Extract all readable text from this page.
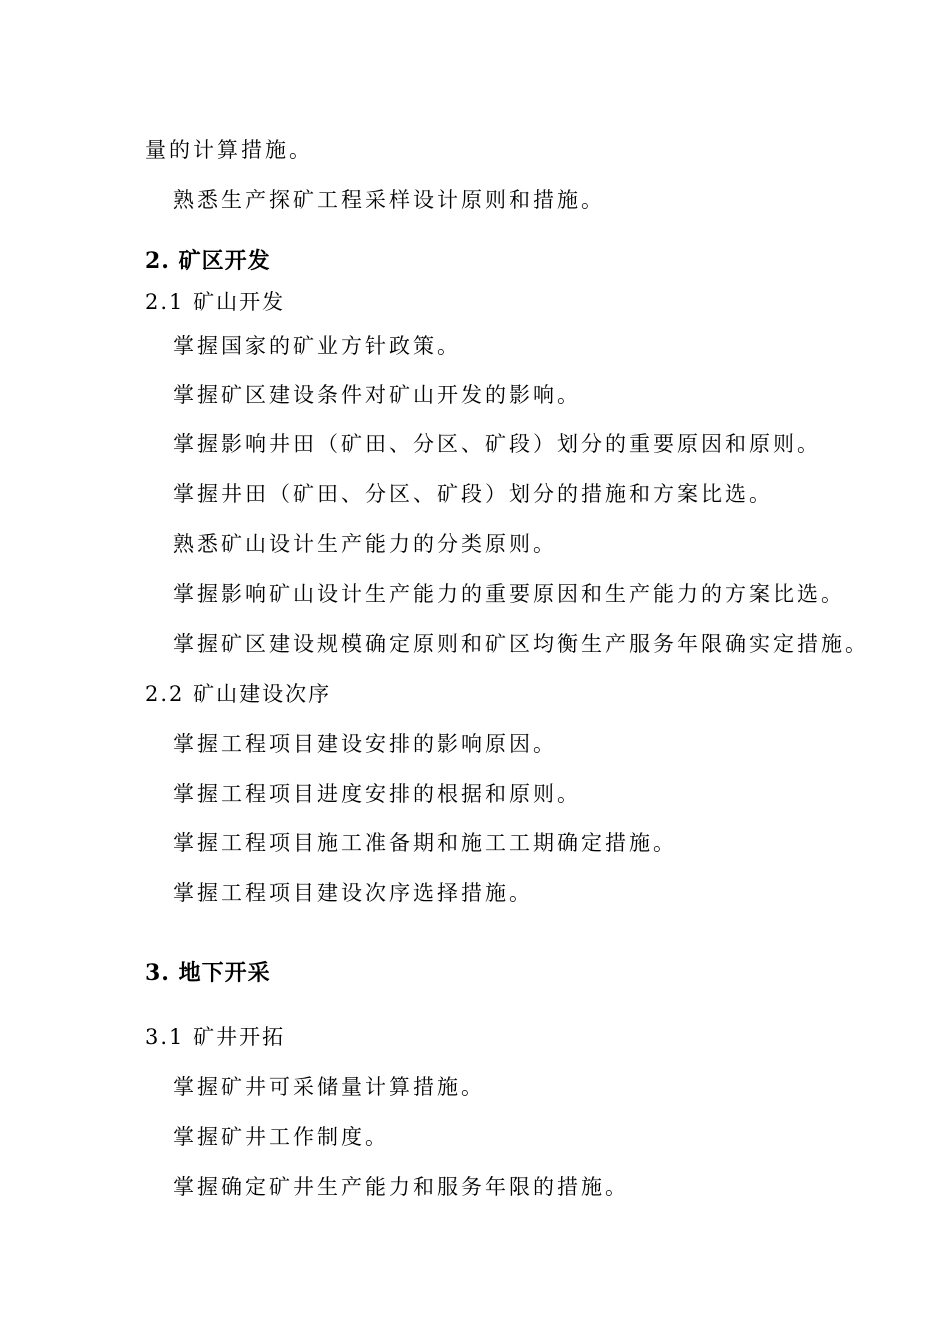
量的计算措施。
熟悉生产探矿工程采样设计原则和措施。
2. 矿区开发
2.1 矿山开发
掌握国家的矿业方针政策。
掌握矿区建设条件对矿山开发的影响。
掌握影响井田（矿田、分区、矿段）划分的重要原因和原则。
掌握井田（矿田、分区、矿段）划分的措施和方案比选。
熟悉矿山设计生产能力的分类原则。
掌握影响矿山设计生产能力的重要原因和生产能力的方案比选。
掌握矿区建设规模确定原则和矿区均衡生产服务年限确实定措施。
2.2 矿山建设次序
掌握工程项目建设安排的影响原因。
掌握工程项目进度安排的根据和原则。
掌握工程项目施工准备期和施工工期确定措施。
掌握工程项目建设次序选择措施。
3. 地下开采
3.1 矿井开拓
掌握矿井可采储量计算措施。
掌握矿井工作制度。
掌握确定矿井生产能力和服务年限的措施。
